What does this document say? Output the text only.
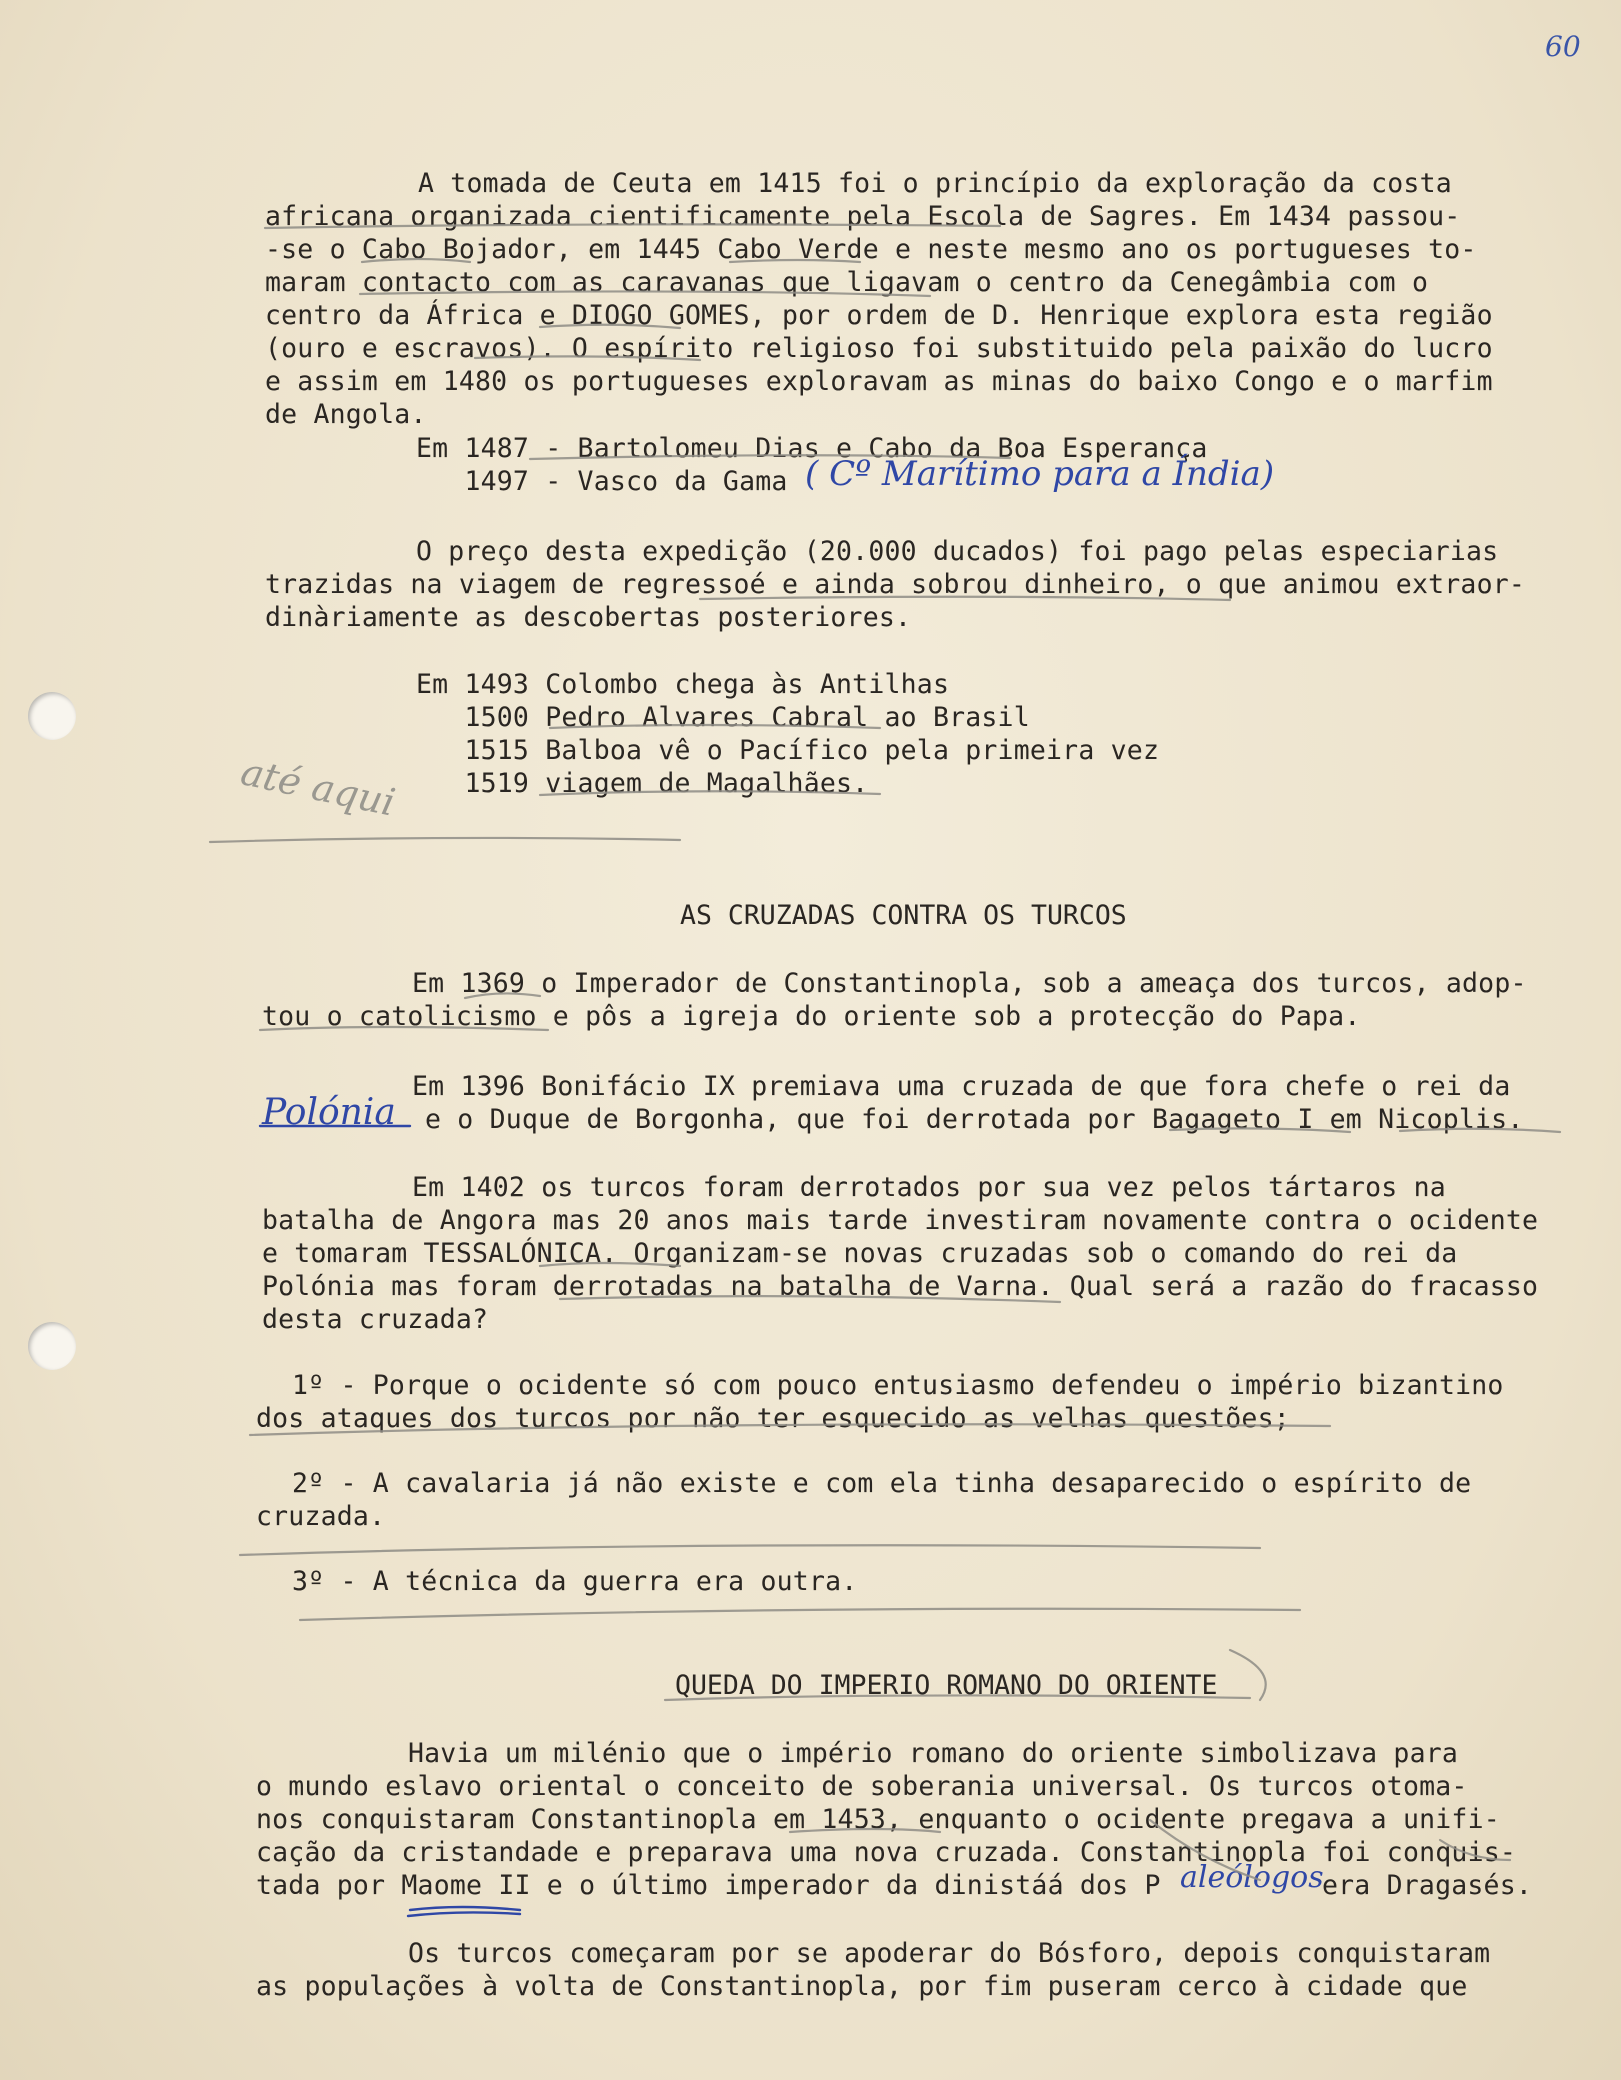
60
A tomada de Ceuta em 1415 foi o princípio da exploração da costa
africana organizada cientificamente pela Escola de Sagres. Em 1434 passou-
-se o Cabo Bojador, em 1445 Cabo Verde e neste mesmo ano os portugueses to-
maram contacto com as caravanas que ligavam o centro da Cenegâmbia com o
centro da África e DIOGO GOMES, por ordem de D. Henrique explora esta região
(ouro e escravos). O espírito religioso foi substituido pela paixão do lucro
e assim em 1480 os portugueses exploravam as minas do baixo Congo e o marfim
de Angola.
Em 1487 - Bartolomeu Dias e Cabo da Boa Esperança
1497 - Vasco da Gama ( Cº Marítimo para a Índia)
O preço desta expedição (20.000 ducados) foi pago pelas especiarias
trazidas na viagem de regressoé e ainda sobrou dinheiro, o que animou extraor-
dinàriamente as descobertas posteriores.
Em 1493 Colombo chega às Antilhas
1500 Pedro Alvares Cabral ao Brasil
1515 Balboa vê o Pacífico pela primeira vez
1519 viagem de Magalhães.
até aqui
AS CRUZADAS CONTRA OS TURCOS
Em 1369 o Imperador de Constantinopla, sob a ameaça dos turcos, adop-
tou o catolicismo e pôs a igreja do oriente sob a protecção do Papa.
Em 1396 Bonifácio IX premiava uma cruzada de que fora chefe o rei da
Polónia e o Duque de Borgonha, que foi derrotada por Bagageto I em Nicoplis.
Em 1402 os turcos foram derrotados por sua vez pelos tártaros na
batalha de Angora mas 20 anos mais tarde investiram novamente contra o ocidente
e tomaram TESSALÓNICA. Organizam-se novas cruzadas sob o comando do rei da
Polónia mas foram derrotadas na batalha de Varna. Qual será a razão do fracasso
desta cruzada?
1º - Porque o ocidente só com pouco entusiasmo defendeu o império bizantino
dos ataques dos turcos por não ter esquecido as velhas questões;
2º - A cavalaria já não existe e com ela tinha desaparecido o espírito de
cruzada.
3º - A técnica da guerra era outra.
QUEDA DO IMPERIO ROMANO DO ORIENTE
Havia um milénio que o império romano do oriente simbolizava para
o mundo eslavo oriental o conceito de soberania universal. Os turcos otoma-
nos conquistaram Constantinopla em 1453, enquanto o ocidente pregava a unifi-
cação da cristandade e preparava uma nova cruzada. Constantinopla foi conquis-
tada por Maome II e o último imperador da dinistáá dos P aleólogos
era Dragasés.
Os turcos começaram por se apoderar do Bósforo, depois conquistaram
as populações à volta de Constantinopla, por fim puseram cerco à cidade que
